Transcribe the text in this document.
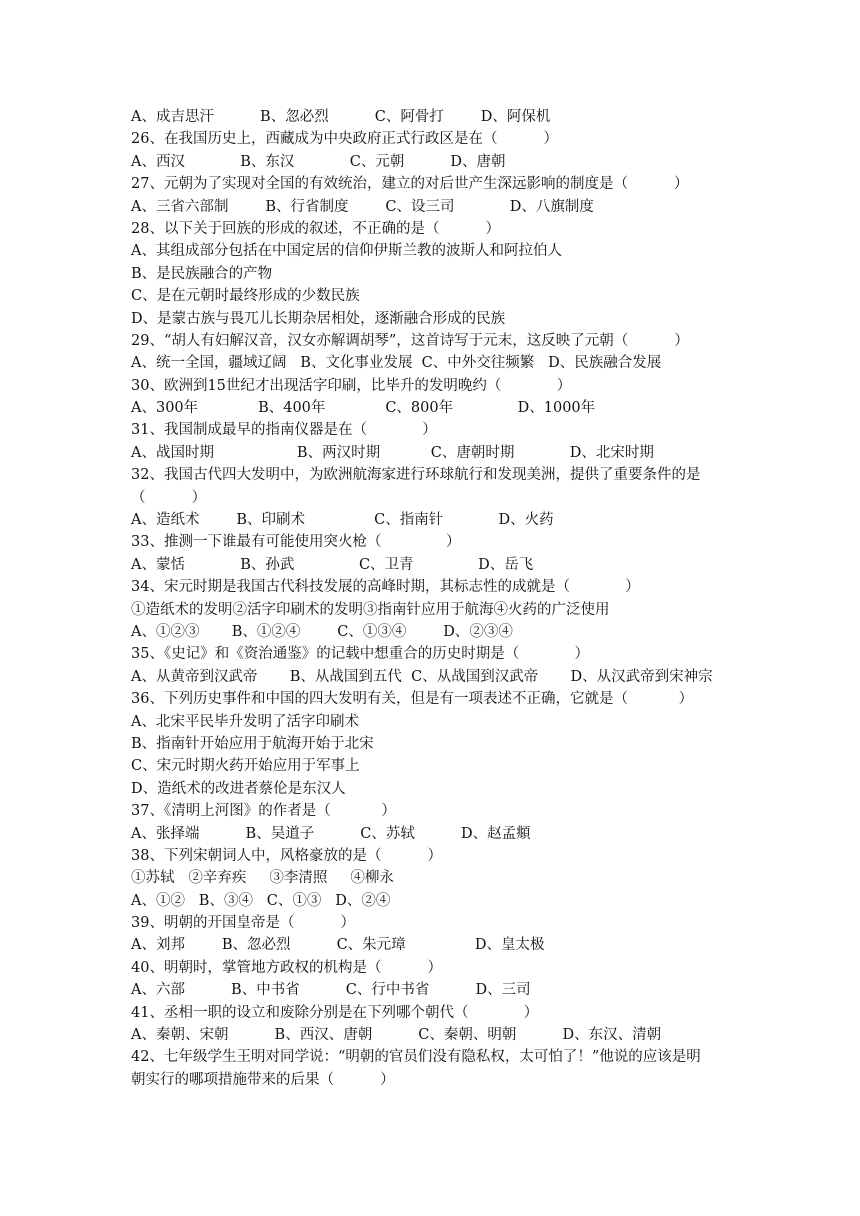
A、成吉思汗          B、忽必烈          C、阿骨打        D、阿保机
26、在我国历史上，西藏成为中央政府正式行政区是在（          ）
A、西汉            B、东汉            C、元朝          D、唐朝
27、元朝为了实现对全国的有效统治，建立的对后世产生深远影响的制度是（          ）
A、三省六部制        B、行省制度        C、设三司            D、八旗制度
28、以下关于回族的形成的叙述，不正确的是（          ）
A、其组成部分包括在中国定居的信仰伊斯兰教的波斯人和阿拉伯人
B、是民族融合的产物
C、是在元朝时最终形成的少数民族
D、是蒙古族与畏兀儿长期杂居相处，逐渐融合形成的民族
29、“胡人有妇解汉音，汉女亦解调胡琴”，这首诗写于元末，这反映了元朝（          ）
A、统一全国，疆域辽阔   B、文化事业发展  C、中外交往频繁   D、民族融合发展
30、欧洲到15世纪才出现活字印刷，比毕升的发明晚约（            ）
A、300年             B、400年             C、800年              D、1000年
31、我国制成最早的指南仪器是在（            ）
A、战国时期                  B、两汉时期           C、唐朝时期            D、北宋时期
32、我国古代四大发明中，为欧洲航海家进行环球航行和发现美洲，提供了重要条件的是
（          ）
A、造纸术        B、印刷术               C、指南针            D、火药
33、推测一下谁最有可能使用突火枪（              ）
A、蒙恬            B、孙武              C、卫青              D、岳飞
34、宋元时期是我国古代科技发展的高峰时期，其标志性的成就是（            ）
①造纸术的发明②活字印刷术的发明③指南针应用于航海④火药的广泛使用
A、①②③       B、①②④        C、①③④        D、②③④
35、《史记》和《资治通鉴》的记载中想重合的历史时期是（            ）
A、从黄帝到汉武帝       B、从战国到五代  C、从战国到汉武帝       D、从汉武帝到宋神宗
36、下列历史事件和中国的四大发明有关，但是有一项表述不正确，它就是（           ）
A、北宋平民毕升发明了活字印刷术
B、指南针开始应用于航海开始于北宋
C、宋元时期火药开始应用于军事上
D、造纸术的改进者蔡伦是东汉人
37、《清明上河图》的作者是（           ）
A、张择端          B、吴道子          C、苏轼          D、赵孟頫
38、下列宋朝词人中，风格豪放的是（          ）
①苏轼   ②辛弃疾     ③李清照     ④柳永
A、①②   B、③④   C、①③   D、②④
39、明朝的开国皇帝是（          ）
A、刘邦        B、忽必烈          C、朱元璋               D、皇太极
40、明朝时，掌管地方政权的机构是（          ）
A、六部          B、中书省          C、行中书省          D、三司
41、丞相一职的设立和废除分别是在下列哪个朝代（            ）
A、秦朝、宋朝          B、西汉、唐朝          C、秦朝、明朝          D、东汉、清朝
42、七年级学生王明对同学说：“明朝的官员们没有隐私权，太可怕了！”他说的应该是明
朝实行的哪项措施带来的后果（          ）
